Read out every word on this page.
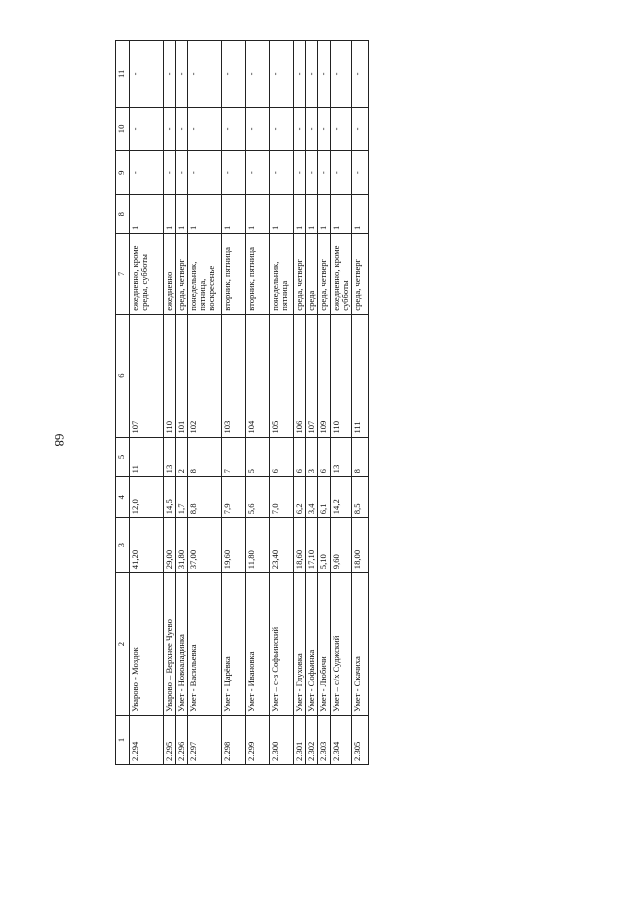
68
1	2	3	4	5	6	7	8	9	10	11
2.294	Уварово - Моздок	41,20	12,0	11	107	ежедневно, кроме среды, субботы	1	-	-	-
2.295	Уварово – Верхнее Чуево	29,00	14,5	13	110	ежедневно	1	-	-	-
2.296	Умет - Новоаладинка	31,80	1,7	2	101	среда, четверг	1	-	-	-
2.297	Умет - Васильевка	37,00	8,8	8	102	понедельник, пятница, воскресенье	1	-	-	-
2.298	Умет - Царёвка	19,60	7,9	7	103	вторник, пятница	1	-	-	-
2.299	Умет - Ивановка	11,80	5,6	5	104	вторник, пятница	1	-	-	-
2.300	Умет – с-з Софьинский	23,40	7,0	6	105	понедельник, пятница	1	-	-	-
2.301	Умет - Глуховка	18,60	6,2	6	106	среда, четверг	1	-	-	-
2.302	Умет - Софьинка	17,10	3,4	3	107	среда	1	-	-	-
2.303	Умет - Любичи	5,10	6,1	6	109	среда, четверг	1	-	-	-
2.304	Умет – с/х Суджский	9,60	14,2	13	110	ежедневно, кроме субботы	1	-	-	-
2.305	Умет - Скачиха	18,00	8,5	8	111	среда, четверг	1	-	-	-
